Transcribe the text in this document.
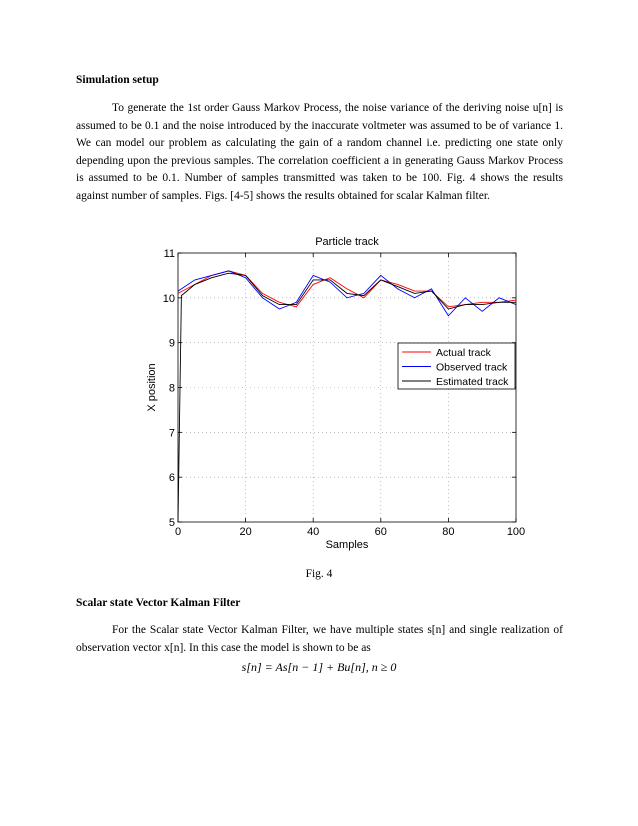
Simulation setup

To generate the 1st order Gauss Markov Process, the noise variance of the deriving noise u[n] is assumed to be 0.1 and the noise introduced by the inaccurate voltmeter was assumed to be of variance 1. We can model our problem as calculating the gain of a random channel i.e. predicting one state only depending upon the previous samples. The correlation coefficient a in generating Gauss Markov Process is assumed to be 0.1. Number of samples transmitted was taken to be 100. Fig. 4 shows the results against number of samples. Figs. [4-5] shows the results obtained for scalar Kalman filter.

0	20	40	60	80	100
5
6
7
8
9
10
11
Particle track
Samples
X position
Actual track
Observed track
Estimated track

Fig. 4

Scalar state Vector Kalman Filter

For the Scalar state Vector Kalman Filter, we have multiple states s[n] and single realization of observation vector x[n]. In this case the model is shown to be as

s[n] = As[n − 1] + Bu[n], n ≥ 0
